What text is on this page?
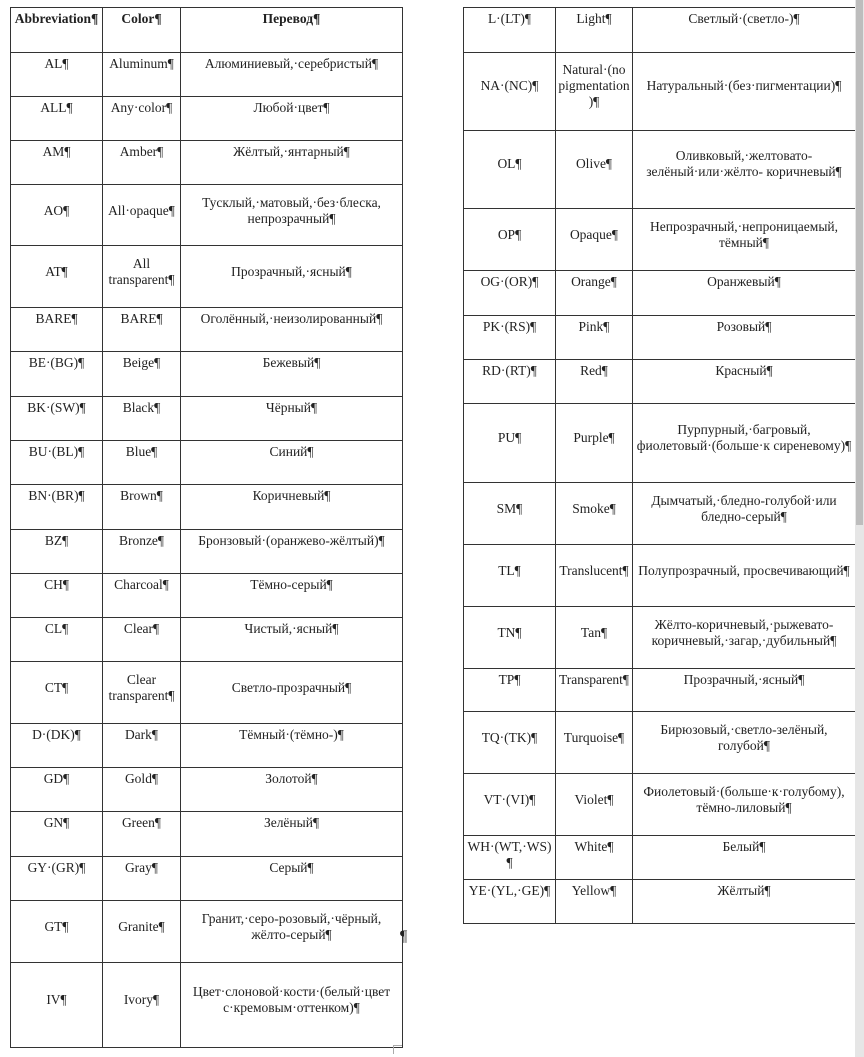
Abbreviation¶	Color¶	Перевод¶
AL¶	Aluminum¶	Алюминиевый,·серебристый¶
ALL¶	Any·color¶	Любой·цвет¶
AM¶	Amber¶	Жёлтый,·янтарный¶
AO¶	All·opaque¶	Тусклый,·матовый,·без·блеска, непрозрачный¶
AT¶	All transparent¶	Прозрачный,·ясный¶
BARE¶	BARE¶	Оголённый,·неизолированный¶
BE·(BG)¶	Beige¶	Бежевый¶
BK·(SW)¶	Black¶	Чёрный¶
BU·(BL)¶	Blue¶	Синий¶
BN·(BR)¶	Brown¶	Коричневый¶
BZ¶	Bronze¶	Бронзовый·(оранжево-жёлтый)¶
CH¶	Charcoal¶	Тёмно-серый¶
CL¶	Clear¶	Чистый,·ясный¶
CT¶	Clear transparent¶	Светло-прозрачный¶
D·(DK)¶	Dark¶	Тёмный·(тёмно-)¶
GD¶	Gold¶	Золотой¶
GN¶	Green¶	Зелёный¶
GY·(GR)¶	Gray¶	Серый¶
GT¶	Granite¶	Гранит,·серо-розовый,·чёрный, жёлто-серый¶
IV¶	Ivory¶	Цвет·слоновой·кости·(белый·цвет с·кремовым·оттенком)¶
L·(LT)¶	Light¶	Светлый·(светло-)¶
NA·(NC)¶	Natural·(no pigmentation)¶	Натуральный·(без·пигментации)¶
OL¶	Olive¶	Оливковый,·желтовато- зелёный·или·жёлто- коричневый¶
OP¶	Opaque¶	Непрозрачный,·непроницаемый, тёмный¶
OG·(OR)¶	Orange¶	Оранжевый¶
PK·(RS)¶	Pink¶	Розовый¶
RD·(RT)¶	Red¶	Красный¶
PU¶	Purple¶	Пурпурный,·багровый, фиолетовый·(больше·к сиреневому)¶
SM¶	Smoke¶	Дымчатый,·бледно-голубой·или бледно-серый¶
TL¶	Translucent¶	Полупрозрачный, просвечивающий¶
TN¶	Tan¶	Жёлто-коричневый,·рыжевато- коричневый,·загар,·дубильный¶
TP¶	Transparent¶	Прозрачный,·ясный¶
TQ·(TK)¶	Turquoise¶	Бирюзовый,·светло-зелёный, голубой¶
VT·(VI)¶	Violet¶	Фиолетовый·(больше·к·голубому), тёмно-лиловый¶
WH·(WT,·WS)¶	White¶	Белый¶
YE·(YL,·GE)¶	Yellow¶	Жёлтый¶
¶
